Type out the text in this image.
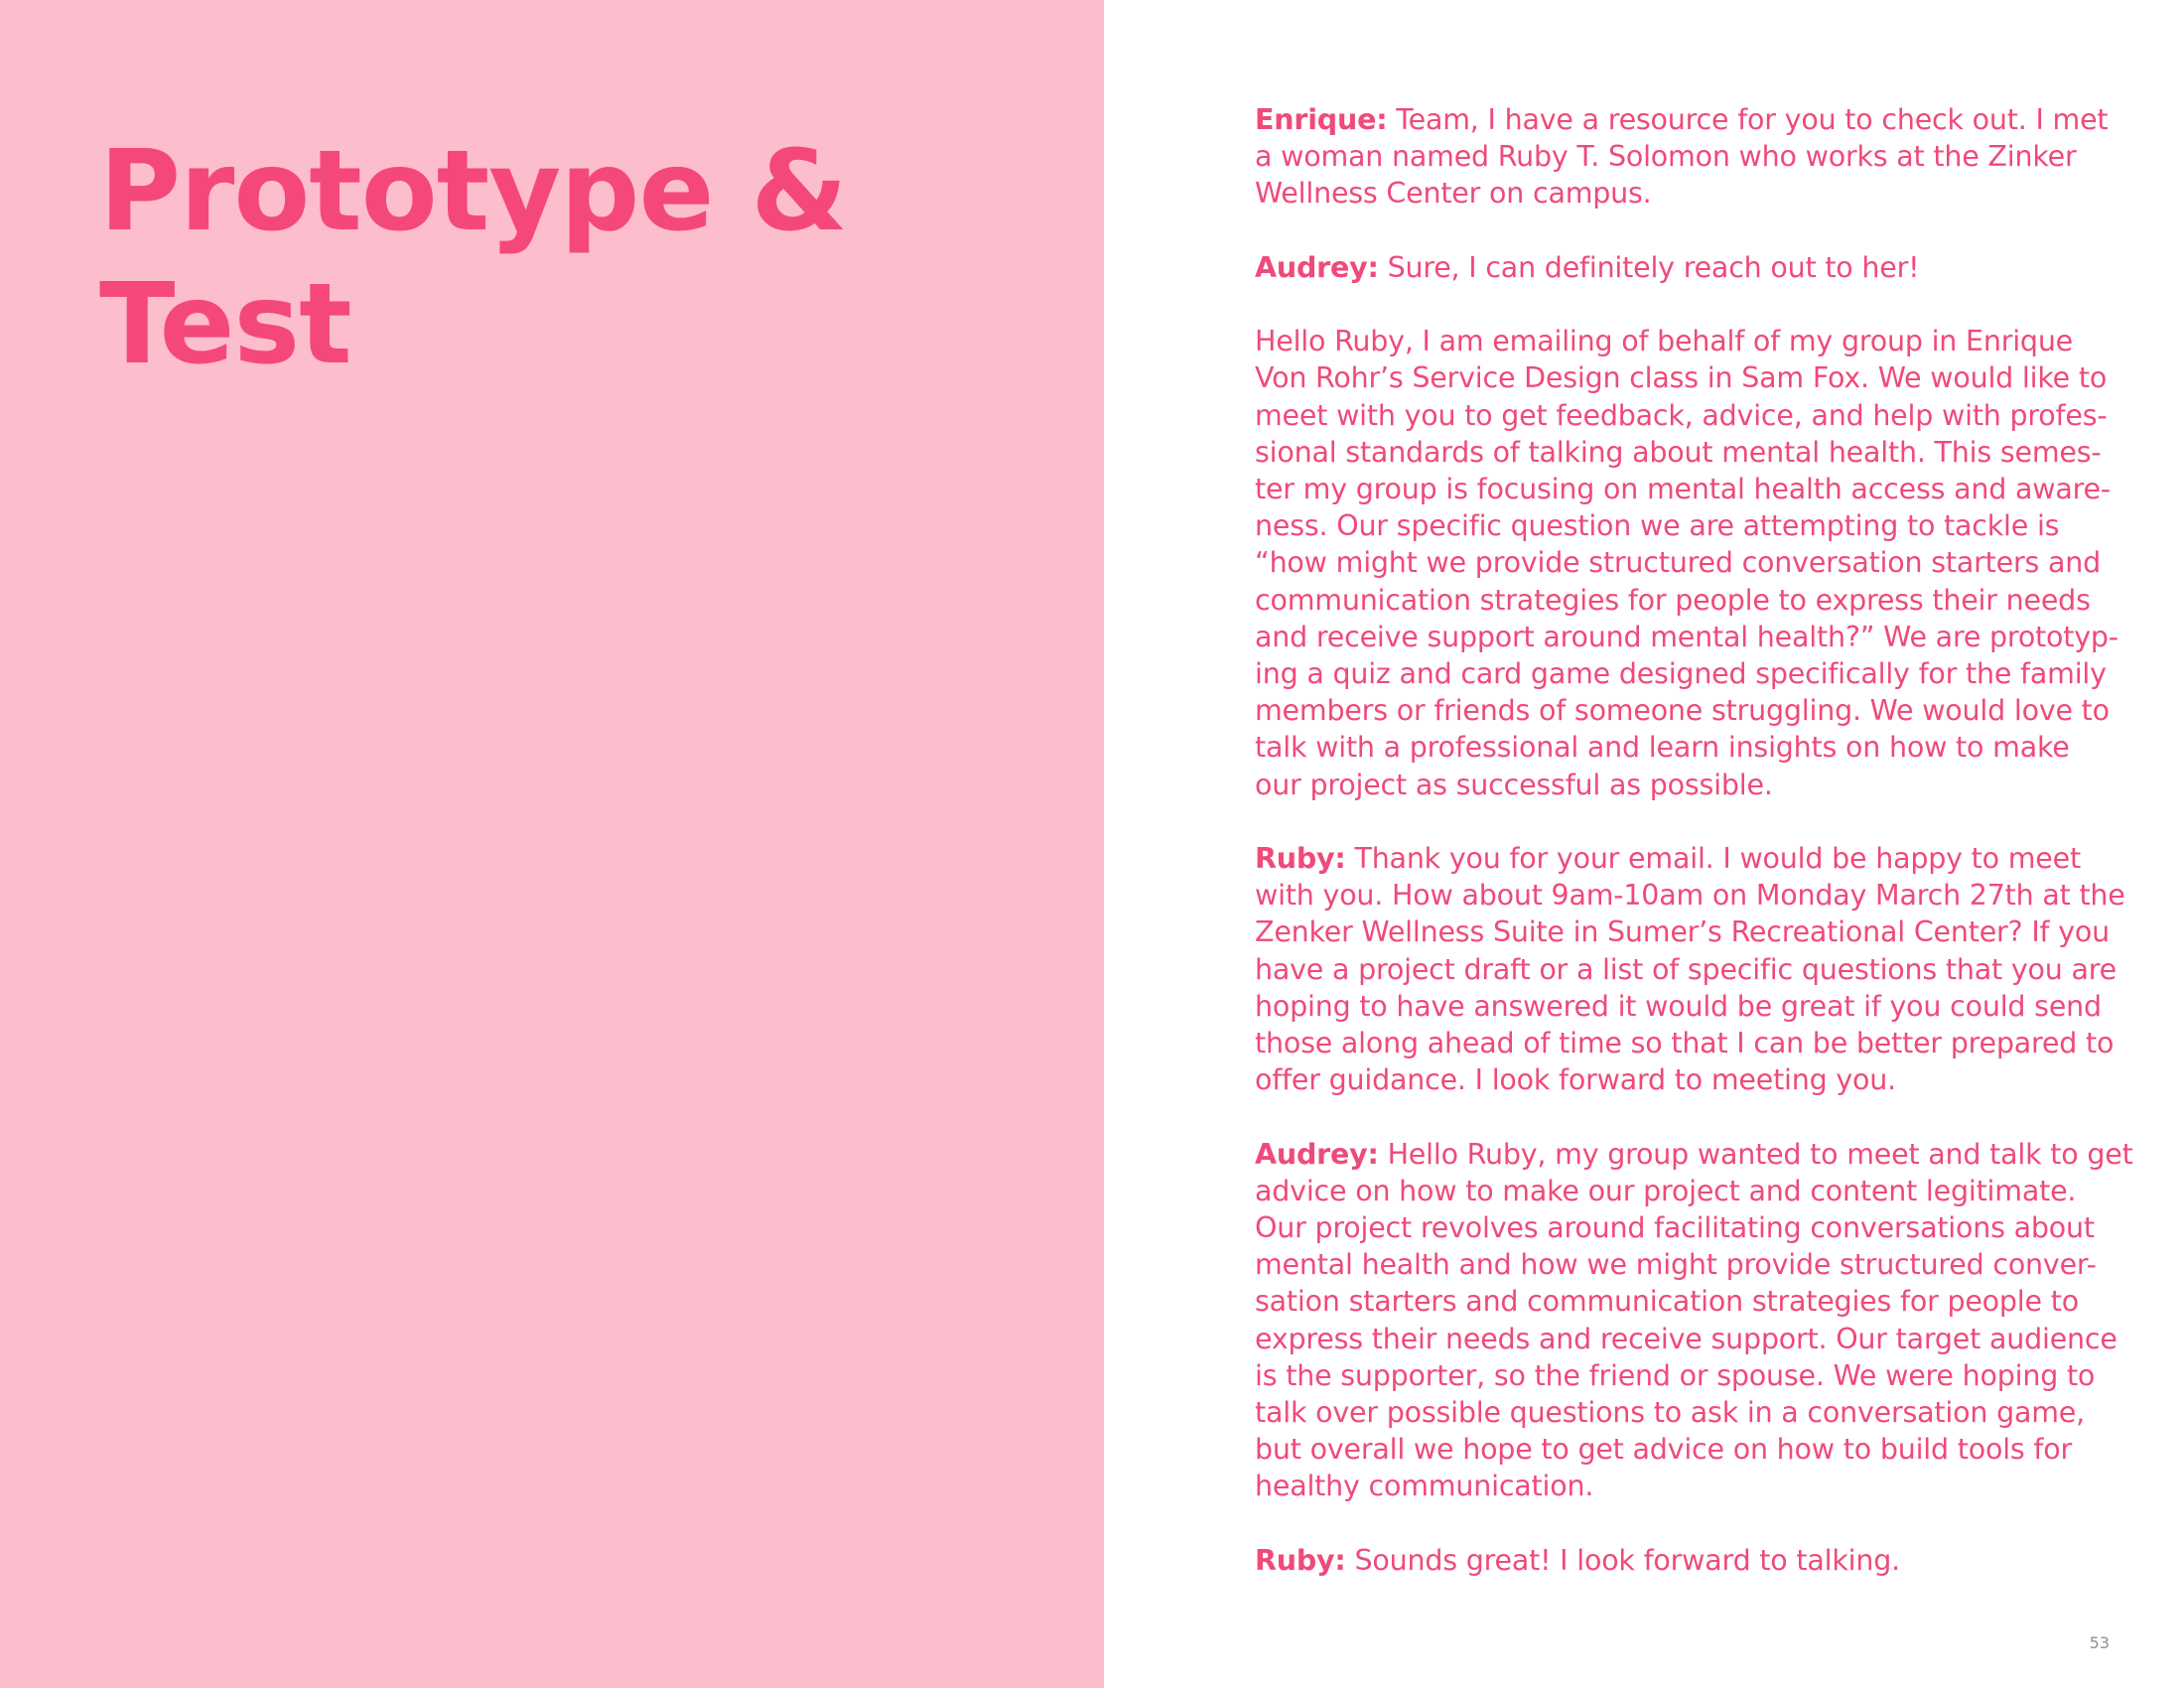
Prototype &
Test

Enrique: Team, I have a resource for you to check out. I met
a woman named Ruby T. Solomon who works at the Zinker
Wellness Center on campus.

Audrey: Sure, I can definitely reach out to her!

Hello Ruby, I am emailing of behalf of my group in Enrique
Von Rohr’s Service Design class in Sam Fox. We would like to
meet with you to get feedback, advice, and help with profes-
sional standards of talking about mental health. This semes-
ter my group is focusing on mental health access and aware-
ness. Our specific question we are attempting to tackle is
“how might we provide structured conversation starters and
communication strategies for people to express their needs
and receive support around mental health?” We are prototyp-
ing a quiz and card game designed specifically for the family
members or friends of someone struggling. We would love to
talk with a professional and learn insights on how to make
our project as successful as possible.

Ruby: Thank you for your email. I would be happy to meet
with you. How about 9am-10am on Monday March 27th at the
Zenker Wellness Suite in Sumer’s Recreational Center? If you
have a project draft or a list of specific questions that you are
hoping to have answered it would be great if you could send
those along ahead of time so that I can be better prepared to
offer guidance. I look forward to meeting you.

Audrey: Hello Ruby, my group wanted to meet and talk to get
advice on how to make our project and content legitimate.
Our project revolves around facilitating conversations about
mental health and how we might provide structured conver-
sation starters and communication strategies for people to
express their needs and receive support. Our target audience
is the supporter, so the friend or spouse. We were hoping to
talk over possible questions to ask in a conversation game,
but overall we hope to get advice on how to build tools for
healthy communication.

Ruby: Sounds great! I look forward to talking.

53
